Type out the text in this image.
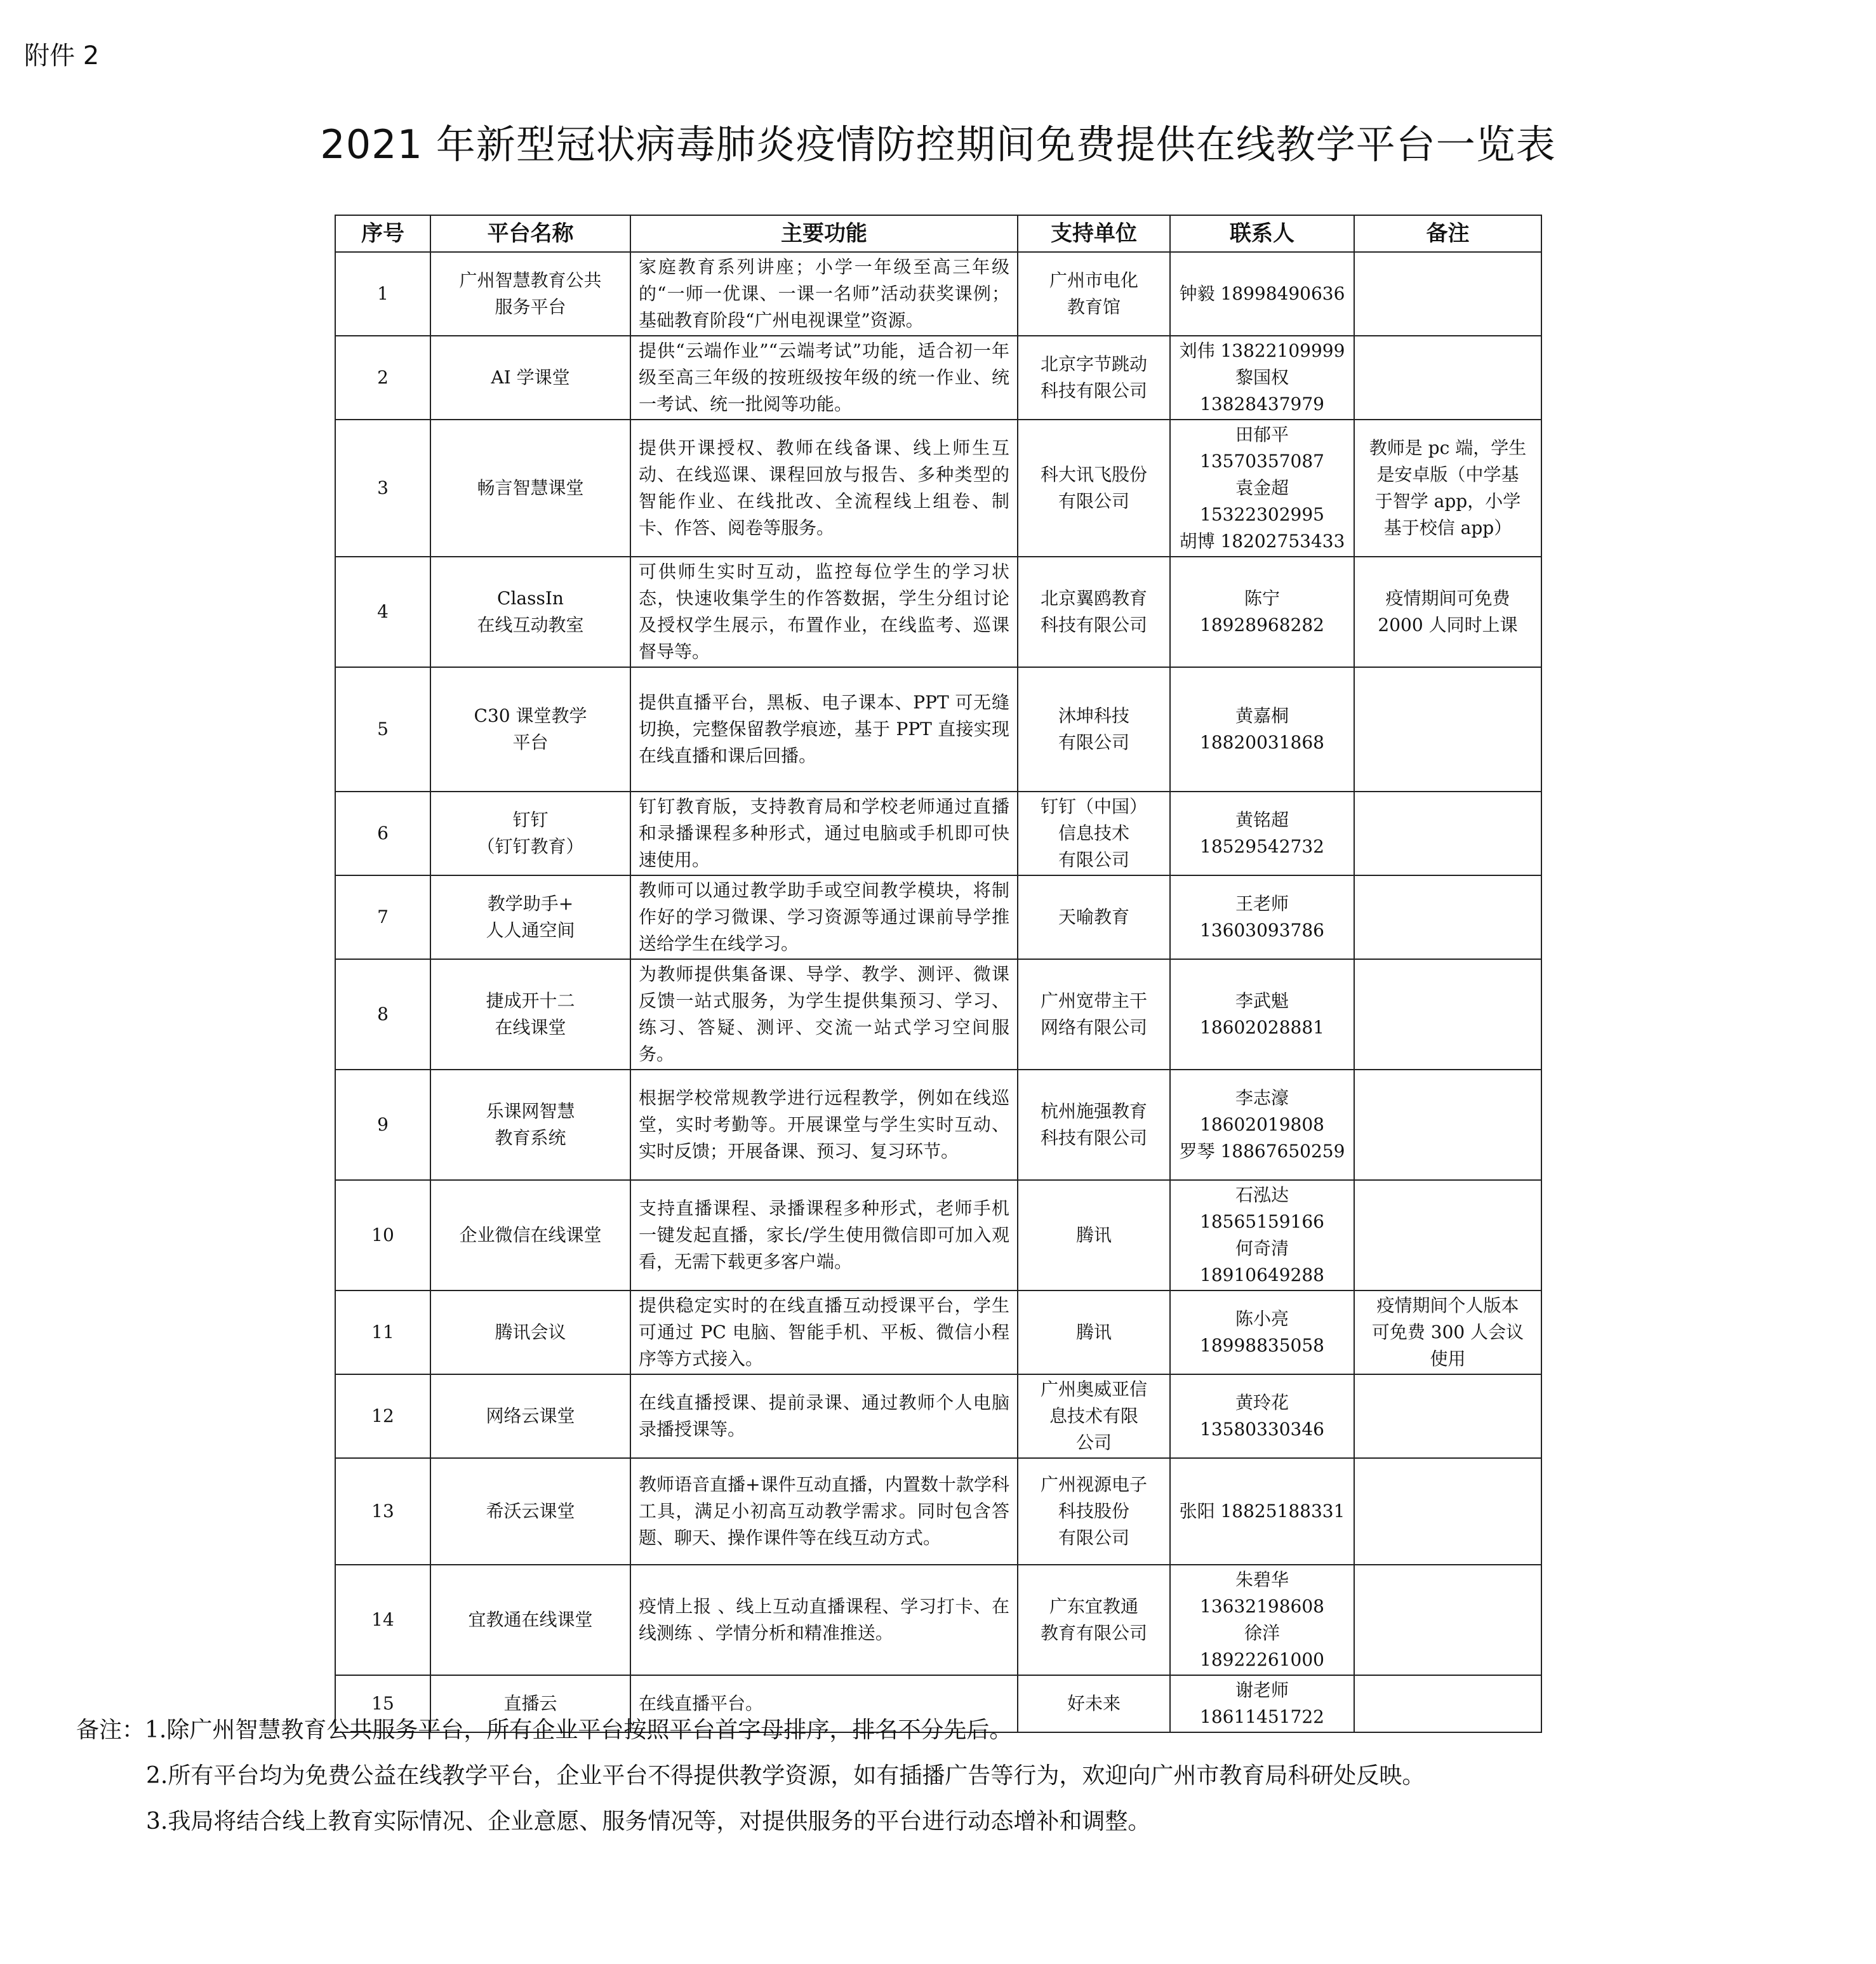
附件 2
2021 年新型冠状病毒肺炎疫情防控期间免费提供在线教学平台一览表
序号	平台名称	主要功能	支持单位	联系人	备注
1	广州智慧教育公共
服务平台	家庭教育系列讲座；小学一年级至高三年级的“一师一优课、一课一名师”活动获奖课例；基础教育阶段“广州电视课堂”资源。	广州市电化
教育馆	钟毅 18998490636	

2	AI 学课堂	提供“云端作业”“云端考试”功能，适合初一年级至高三年级的按班级按年级的统一作业、统一考试、统一批阅等功能。	北京字节跳动
科技有限公司	刘伟 13822109999
黎国权
13828437979	

3	畅言智慧课堂	提供开课授权、教师在线备课、线上师生互动、在线巡课、课程回放与报告、多种类型的智能作业、在线批改、全流程线上组卷、制卡、作答、阅卷等服务。	科大讯飞股份
有限公司	田郁平
13570357087
袁金超
15322302995
胡博 18202753433	教师是 pc 端，学生
是安卓版（中学基
于智学 app，小学
基于校信 app）

4	ClassIn
在线互动教室	可供师生实时互动，监控每位学生的学习状态，快速收集学生的作答数据，学生分组讨论及授权学生展示，布置作业，在线监考、巡课督导等。	北京翼鸥教育
科技有限公司	陈宁
18928968282	疫情期间可免费
2000 人同时上课

5	C30 课堂教学
平台	提供直播平台，黑板、电子课本、PPT 可无缝切换，完整保留教学痕迹，基于 PPT 直接实现在线直播和课后回播。	沐坤科技
有限公司	黄嘉桐
18820031868	

6	钉钉
（钉钉教育）	钉钉教育版，支持教育局和学校老师通过直播和录播课程多种形式，通过电脑或手机即可快速使用。	钉钉（中国）
信息技术
有限公司	黄铭超
18529542732	

7	教学助手+
人人通空间	教师可以通过教学助手或空间教学模块，将制作好的学习微课、学习资源等通过课前导学推送给学生在线学习。	天喻教育	王老师
13603093786	

8	捷成开十二
在线课堂	为教师提供集备课、导学、教学、测评、微课反馈一站式服务，为学生提供集预习、学习、练习、答疑、测评、交流一站式学习空间服务。	广州宽带主干
网络有限公司	李武魁
18602028881	

9	乐课网智慧
教育系统	根据学校常规教学进行远程教学，例如在线巡堂，实时考勤等。开展课堂与学生实时互动、实时反馈；开展备课、预习、复习环节。	杭州施强教育
科技有限公司	李志濠
18602019808
罗琴 18867650259	

10	企业微信在线课堂	支持直播课程、录播课程多种形式，老师手机一键发起直播，家长/学生使用微信即可加入观看，无需下载更多客户端。	腾讯	石泓达
18565159166
何奇清
18910649288	

11	腾讯会议	提供稳定实时的在线直播互动授课平台，学生可通过 PC 电脑、智能手机、平板、微信小程序等方式接入。	腾讯	陈小亮
18998835058	疫情期间个人版本
可免费 300 人会议
使用

12	网络云课堂	在线直播授课、提前录课、通过教师个人电脑录播授课等。	广州奥威亚信
息技术有限
公司	黄玲花
13580330346	

13	希沃云课堂	教师语音直播+课件互动直播，内置数十款学科工具，满足小初高互动教学需求。同时包含答题、聊天、操作课件等在线互动方式。	广州视源电子
科技股份
有限公司	张阳 18825188331	

14	宜教通在线课堂	疫情上报 、线上互动直播课程、学习打卡、在线测练 、学情分析和精准推送。	广东宜教通
教育有限公司	朱碧华
13632198608
徐洋
18922261000	

15	直播云	在线直播平台。	好未来	谢老师
18611451722	

备注：1.除广州智慧教育公共服务平台，所有企业平台按照平台首字母排序，排名不分先后。
2.所有平台均为免费公益在线教学平台，企业平台不得提供教学资源，如有插播广告等行为，欢迎向广州市教育局科研处反映。
3.我局将结合线上教育实际情况、企业意愿、服务情况等，对提供服务的平台进行动态增补和调整。
